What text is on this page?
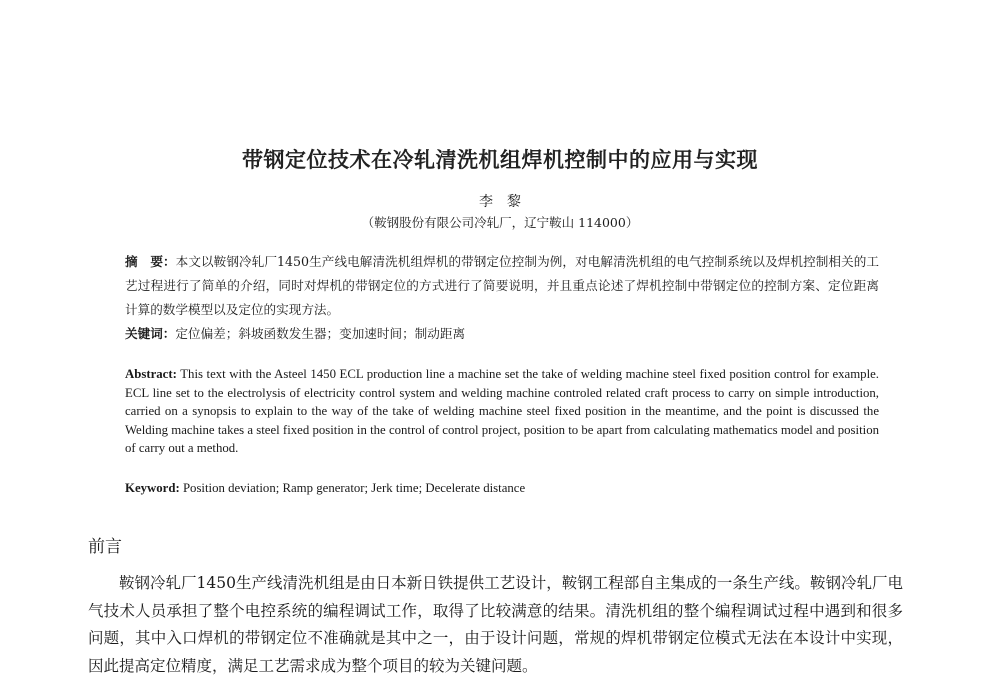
带钢定位技术在冷轧清洗机组焊机控制中的应用与实现
李黎
（鞍钢股份有限公司冷轧厂，辽宁鞍山 114000）
摘　要：本文以鞍钢冷轧厂1450生产线电解清洗机组焊机的带钢定位控制为例，对电解清洗机组的电气控制系统以及焊机控制相关的工艺过程进行了简单的介绍，同时对焊机的带钢定位的方式进行了简要说明，并且重点论述了焊机控制中带钢定位的控制方案、定位距离计算的数学模型以及定位的实现方法。
关键词：定位偏差；斜坡函数发生器；变加速时间；制动距离
Abstract: This text with the Asteel 1450 ECL production line a machine set the take of welding machine steel fixed position control for example. ECL line set to the electrolysis of electricity control system and welding machine controled related craft process to carry on simple introduction, carried on a synopsis to explain to the way of the take of welding machine steel fixed position in the meantime, and the point is discussed the Welding machine takes a steel fixed position in the control of control project, position to be apart from calculating mathematics model and position of carry out a method.
Keyword: Position deviation; Ramp generator; Jerk time; Decelerate distance
前言
鞍钢冷轧厂1450生产线清洗机组是由日本新日铁提供工艺设计，鞍钢工程部自主集成的一条生产线。鞍钢冷轧厂电气技术人员承担了整个电控系统的编程调试工作，取得了比较满意的结果。清洗机组的整个编程调试过程中遇到和很多问题，其中入口焊机的带钢定位不准确就是其中之一，由于设计问题，常规的焊机带钢定位模式无法在本设计中实现，因此提高定位精度，满足工艺需求成为整个项目的较为关键问题。
